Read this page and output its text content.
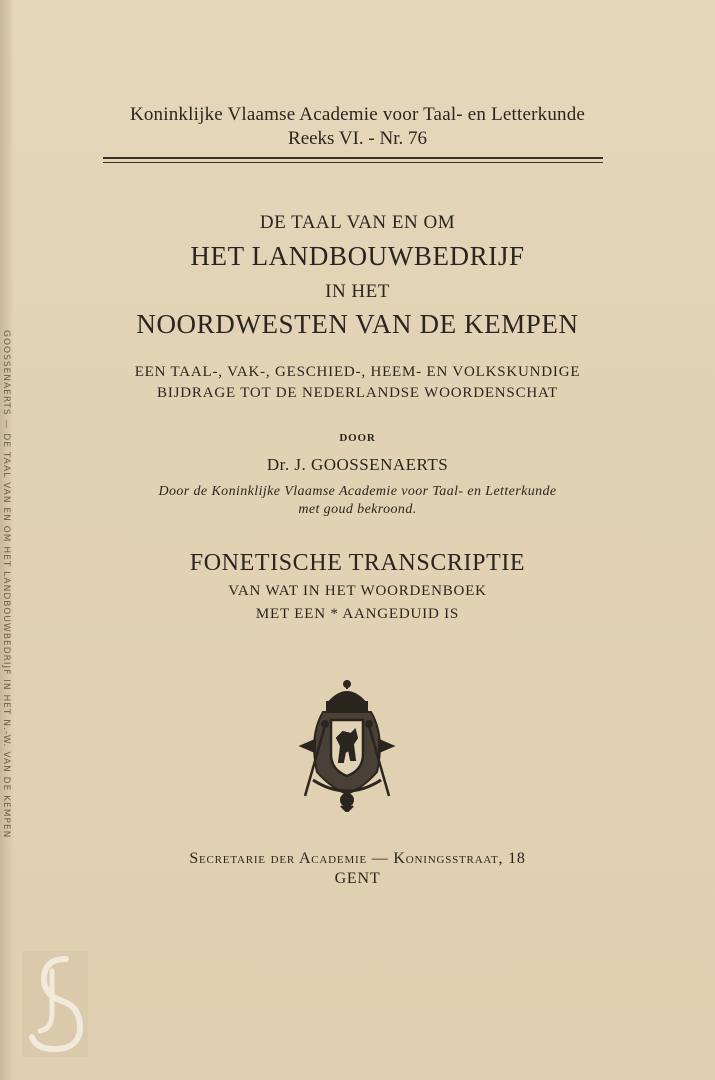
GOOSSENAERTS — DE TAAL VAN EN OM HET LANDBOUWBEDRIJF IN HET N.-W. VAN DE KEMPEN
Koninklijke Vlaamse Academie voor Taal- en Letterkunde
Reeks VI. - Nr. 76
DE TAAL VAN EN OM
HET LANDBOUWBEDRIJF
IN HET
NOORDWESTEN VAN DE KEMPEN
EEN TAAL-, VAK-, GESCHIED-, HEEM- EN VOLKSKUNDIGE
BIJDRAGE TOT DE NEDERLANDSE WOORDENSCHAT
DOOR
Dr. J. GOOSSENAERTS
Door de Koninklijke Vlaamse Academie voor Taal- en Letterkunde
met goud bekroond.
FONETISCHE TRANSCRIPTIE
VAN WAT IN HET WOORDENBOEK
MET EEN * AANGEDUID IS
Secretarie der Academie — Koningsstraat, 18
GENT
